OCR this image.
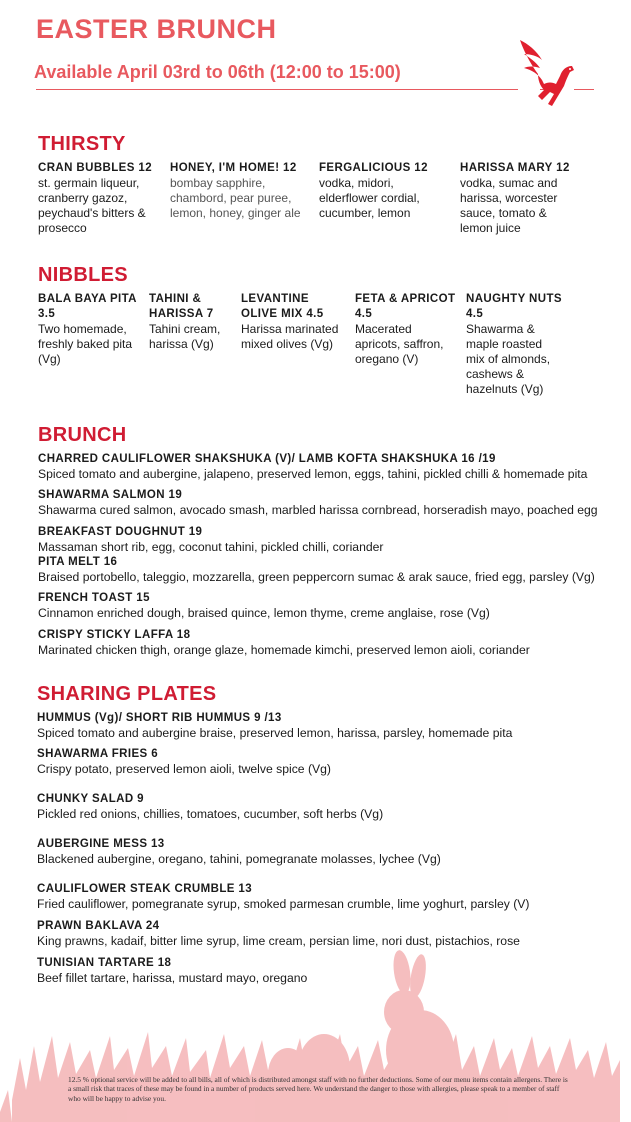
EASTER BRUNCH
Available April 03rd to 06th (12:00 to 15:00)
THIRSTY
CRAN BUBBLES 12
st. germain liqueur,
cranberry gazoz,
peychaud's bitters &
prosecco
HONEY, I'M HOME! 12
bombay sapphire,
chambord, pear puree,
lemon, honey, ginger ale
FERGALICIOUS 12
vodka, midori,
elderflower cordial,
cucumber, lemon
HARISSA MARY 12
vodka, sumac and
harissa, worcester
sauce, tomato &
lemon juice
NIBBLES
BALA BAYA PITA
3.5
Two homemade,
freshly baked pita
(Vg)
TAHINI &
HARISSA 7
Tahini cream,
harissa (Vg)
LEVANTINE
OLIVE MIX 4.5
Harissa marinated
mixed olives (Vg)
FETA & APRICOT
4.5
Macerated
apricots, saffron,
oregano (V)
NAUGHTY NUTS
4.5
Shawarma &
maple roasted
mix of almonds,
cashews &
hazelnuts (Vg)
BRUNCH
CHARRED CAULIFLOWER SHAKSHUKA (V)/ LAMB KOFTA SHAKSHUKA 16 /19
Spiced tomato and aubergine, jalapeno, preserved lemon, eggs, tahini, pickled chilli & homemade pita
SHAWARMA SALMON 19
Shawarma cured salmon, avocado smash, marbled harissa cornbread, horseradish mayo, poached egg
BREAKFAST DOUGHNUT 19
Massaman short rib, egg, coconut tahini, pickled chilli, coriander
PITA MELT 16
Braised portobello, taleggio, mozzarella, green peppercorn sumac & arak sauce, fried egg, parsley (Vg)
FRENCH TOAST 15
Cinnamon enriched dough, braised quince, lemon thyme, creme anglaise, rose (Vg)
CRISPY STICKY LAFFA 18
Marinated chicken thigh, orange glaze, homemade kimchi, preserved lemon aioli, coriander
SHARING PLATES
HUMMUS (Vg)/ SHORT RIB HUMMUS 9 /13
Spiced tomato and aubergine braise, preserved lemon, harissa, parsley, homemade pita
SHAWARMA FRIES 6
Crispy potato, preserved lemon aioli, twelve spice (Vg)
CHUNKY SALAD 9
Pickled red onions, chillies, tomatoes, cucumber, soft herbs (Vg)
AUBERGINE MESS 13
Blackened aubergine, oregano, tahini, pomegranate molasses, lychee (Vg)
CAULIFLOWER STEAK CRUMBLE 13
Fried cauliflower, pomegranate syrup, smoked parmesan crumble, lime yoghurt, parsley (V)
PRAWN BAKLAVA 24
King prawns, kadaif, bitter lime syrup, lime cream, persian lime, nori dust, pistachios, rose
TUNISIAN TARTARE 18
Beef fillet tartare, harissa, mustard mayo, oregano
12.5 % optional service will be added to all bills, all of which is distributed amongst staff with no further deductions. Some of our menu items contain allergens. There is a small risk that traces of these may be found in a number of products served here. We understand the danger to those with allergies, please speak to a member of staff who will be happy to advise you.
